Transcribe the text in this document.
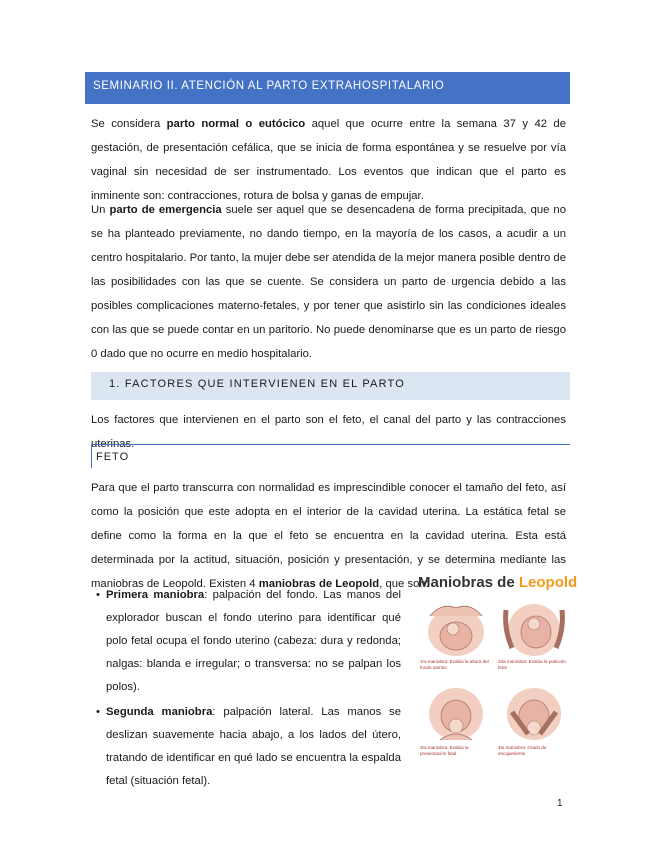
SEMINARIO II. ATENCIÓN AL PARTO EXTRAHOSPITALARIO

Se considera parto normal o eutócico aquel que ocurre entre la semana 37 y 42 de gestación, de presentación cefálica, que se inicia de forma espontánea y se resuelve por vía vaginal sin necesidad de ser instrumentado. Los eventos que indican que el parto es inminente son: contracciones, rotura de bolsa y ganas de empujar.

Un parto de emergencia suele ser aquel que se desencadena de forma precipitada, que no se ha planteado previamente, no dando tiempo, en la mayoría de los casos, a acudir a un centro hospitalario. Por tanto, la mujer debe ser atendida de la mejor manera posible dentro de las posibilidades con las que se cuente. Se considera un parto de urgencia debido a las posibles complicaciones materno-fetales, y por tener que asistirlo sin las condiciones ideales con las que se puede contar en un paritorio. No puede denominarse que es un parto de riesgo 0 dado que no ocurre en medio hospitalario.

1. FACTORES QUE INTERVIENEN EN EL PARTO

Los factores que intervienen en el parto son el feto, el canal del parto y las contracciones uterinas.

FETO

Para que el parto transcurra con normalidad es imprescindible conocer el tamaño del feto, así como la posición que este adopta en el interior de la cavidad uterina. La estática fetal se define como la forma en la que el feto se encuentra en la cavidad uterina. Esta está determinada por la actitud, situación, posición y presentación, y se determina mediante las maniobras de Leopold. Existen 4 maniobras de Leopold, que son:

• Primera maniobra: palpación del fondo. Las manos del explorador buscan el fondo uterino para identificar qué polo fetal ocupa el fondo uterino (cabeza: dura y redonda; nalgas: blanda e irregular; o transversa: no se palpan los polos).
• Segunda maniobra: palpación lateral. Las manos se deslizan suavemente hacia abajo, a los lados del útero, tratando de identificar en qué lado se encuentra la espalda fetal (situación fetal).
Maniobras de Leopold
1ra maniobra: Evalúa la altura del fondo uterino
2da maniobra: Evalúa la posición fetal
3ra maniobra: Evalúa la presentación fetal
4ta maniobra: Grado de encajamiento
1
